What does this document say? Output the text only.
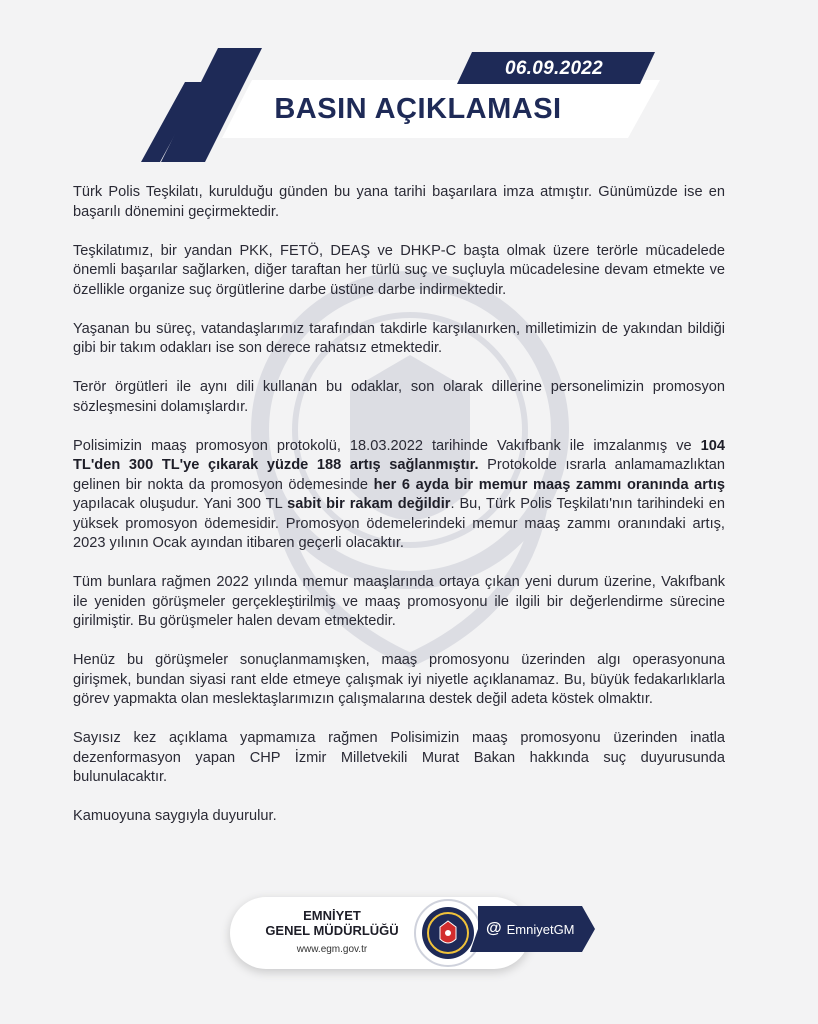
06.09.2022
BASIN AÇIKLAMASI

Türk Polis Teşkilatı, kurulduğu günden bu yana tarihi başarılara imza atmıştır. Günümüzde ise en başarılı dönemini geçirmektedir.

Teşkilatımız, bir yandan PKK, FETÖ, DEAŞ ve DHKP-C başta olmak üzere terörle mücadelede önemli başarılar sağlarken, diğer taraftan her türlü suç ve suçluyla mücadelesine devam etmekte ve özellikle organize suç örgütlerine darbe üstüne darbe indirmektedir.

Yaşanan bu süreç, vatandaşlarımız tarafından takdirle karşılanırken, milletimizin de yakından bildiği gibi bir takım odakları ise son derece rahatsız etmektedir.

Terör örgütleri ile aynı dili kullanan bu odaklar, son olarak dillerine personelimizin promosyon sözleşmesini dolamışlardır.

Polisimizin maaş promosyon protokolü, 18.03.2022 tarihinde Vakıfbank ile imzalanmış ve 104 TL'den 300 TL'ye çıkarak yüzde 188 artış sağlanmıştır. Protokolde ısrarla anlamamazlıktan gelinen bir nokta da promosyon ödemesinde her 6 ayda bir memur maaş zammı oranında artış yapılacak oluşudur. Yani 300 TL sabit bir rakam değildir. Bu, Türk Polis Teşkilatı'nın tarihindeki en yüksek promosyon ödemesidir. Promosyon ödemelerindeki memur maaş zammı oranındaki artış, 2023 yılının Ocak ayından itibaren geçerli olacaktır.

Tüm bunlara rağmen 2022 yılında memur maaşlarında ortaya çıkan yeni durum üzerine, Vakıfbank ile yeniden görüşmeler gerçekleştirilmiş ve maaş promosyonu ile ilgili bir değerlendirme sürecine girilmiştir. Bu görüşmeler halen devam etmektedir.

Henüz bu görüşmeler sonuçlanmamışken, maaş promosyonu üzerinden algı operasyonuna girişmek, bundan siyasi rant elde etmeye çalışmak iyi niyetle açıklanamaz. Bu, büyük fedakarlıklarla görev yapmakta olan meslektaşlarımızın çalışmalarına destek değil adeta köstek olmaktır.

Sayısız kez açıklama yapmamıza rağmen Polisimizin maaş promosyonu üzerinden inatla dezenformasyon yapan CHP İzmir Milletvekili Murat Bakan hakkında suç duyurusunda bulunulacaktır.

Kamuoyuna saygıyla duyurulur.

EMNİYET
GENEL MÜDÜRLÜĞÜ
www.egm.gov.tr
@ EmniyetGM
